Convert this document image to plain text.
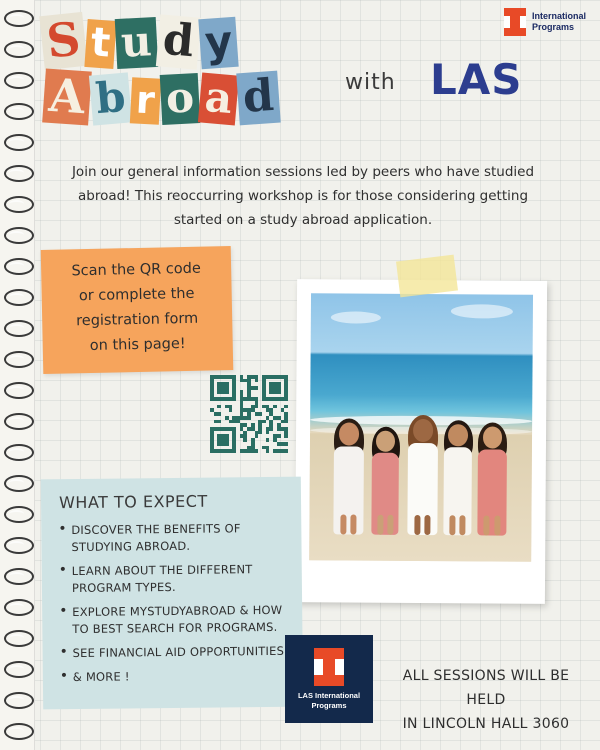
S t u d y
A b r o a d	with LAS
International
Programs
Join our general information sessions led by peers who have studied abroad! This reoccurring workshop is for those considering getting started on a study abroad application.

Scan the QR code

or complete the

registration form

on this page!

WHAT TO EXPECT
• DISCOVER THE BENEFITS OF STUDYING ABROAD.
• LEARN ABOUT THE DIFFERENT PROGRAM TYPES.
• EXPLORE MYSTUDYABROAD & HOW TO BEST SEARCH FOR PROGRAMS.
• SEE FINANCIAL AID OPPORTUNITIES
• & MORE !
LAS International
Programs
ALL SESSIONS WILL BE HELD
IN LINCOLN HALL 3060
